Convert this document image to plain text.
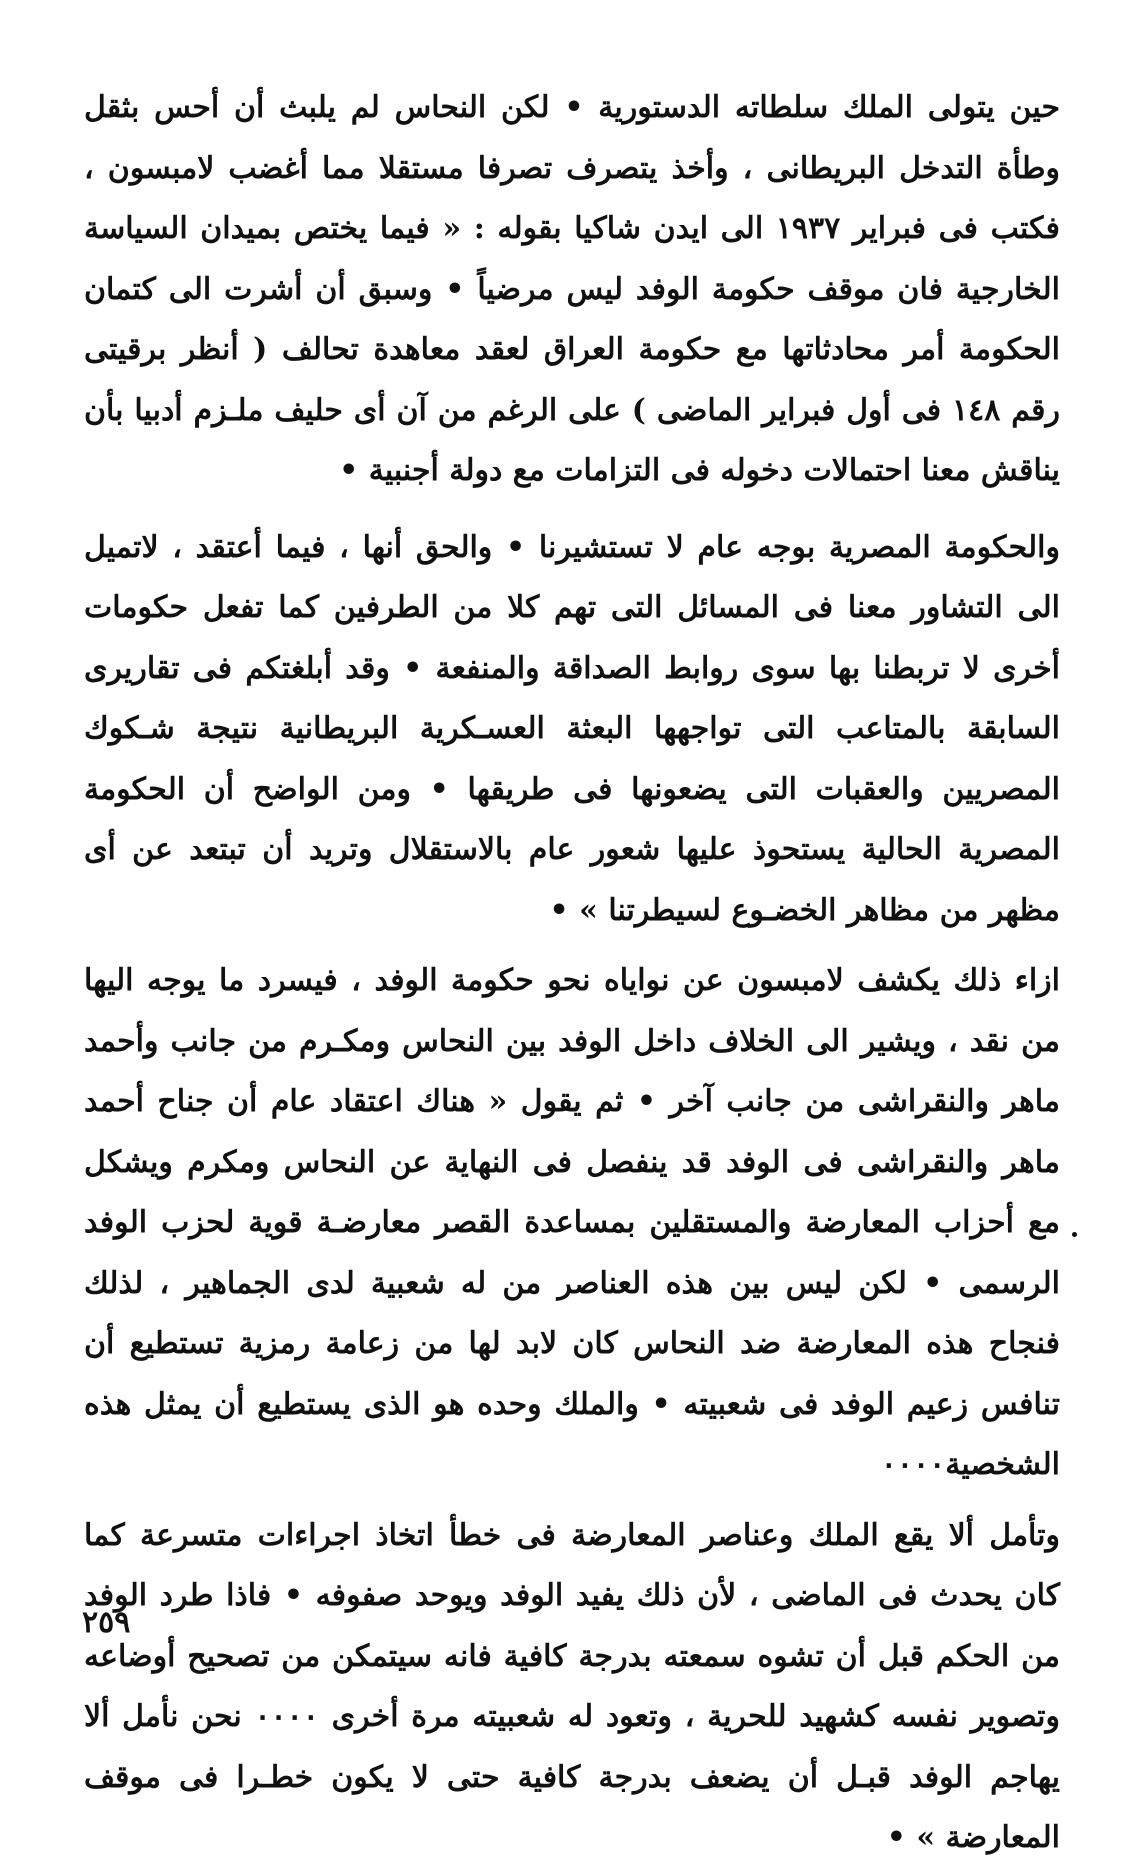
حين يتولى الملك سلطاته الدستورية • لكن النحاس لم يلبث أن أحس بثقل وطأة التدخل البريطانى ، وأخذ يتصرف تصرفا مستقلا مما أغضب لامبسون ، فكتب فى فبراير ١٩٣٧ الى ايدن شاكيا بقوله : « فيما يختص بميدان السياسة الخارجية فان موقف حكومة الوفد ليس مرضياً • وسبق أن أشرت الى كتمان الحكومة أمر محادثاتها مع حكومة العراق لعقد معاهدة تحالف ( أنظر برقيتى رقم ١٤٨ فى أول فبراير الماضى ) على الرغم من آن أى حليف ملـزم أدبيا بأن يناقش معنا احتمالات دخوله فى التزامات مع دولة أجنبية •

والحكومة المصرية بوجه عام لا تستشيرنا • والحق أنها ، فيما أعتقد ، لاتميل الى التشاور معنا فى المسائل التى تهم كلا من الطرفين كما تفعل حكومات أخرى لا تربطنا بها سوى روابط الصداقة والمنفعة • وقد أبلغتكم فى تقاريرى السابقة بالمتاعب التى تواجهها البعثة العسـكرية البريطانية نتيجة شـكوك المصريين والعقبات التى يضعونها فى طريقها • ومن الواضح أن الحكومة المصرية الحالية يستحوذ عليها شعور عام بالاستقلال وتريد أن تبتعد عن أى مظهر من مظاهر الخضـوع لسيطرتنا » •

ازاء ذلك يكشف لامبسون عن نواياه نحو حكومة الوفد ، فيسرد ما يوجه اليها من نقد ، ويشير الى الخلاف داخل الوفد بين النحاس ومكـرم من جانب وأحمد ماهر والنقراشى من جانب آخر • ثم يقول « هناك اعتقاد عام أن جناح أحمد ماهر والنقراشى فى الوفد قد ينفصل فى النهاية عن النحاس ومكرم ويشكل مع أحزاب المعارضة والمستقلين بمساعدة القصر معارضـة قوية لحزب الوفد الرسمى • لكن ليس بين هذه العناصر من له شعبية لدى الجماهير ، لذلك فنجاح هذه المعارضة ضد النحاس كان لابد لها من زعامة رمزية تستطيع أن تنافس زعيم الوفد فى شعبيته • والملك وحده هو الذى يستطيع أن يمثل هذه الشخصية٠٠٠٠

وتأمل ألا يقع الملك وعناصر المعارضة فى خطأ اتخاذ اجراءات متسرعة كما كان يحدث فى الماضى ، لأن ذلك يفيد الوفد ويوحد صفوفه • فاذا طرد الوفد من الحكم قبل أن تشوه سمعته بدرجة كافية فانه سيتمكن من تصحيح أوضاعه وتصوير نفسه كشهيد للحرية ، وتعود له شعبيته مرة أخرى ٠٠٠٠ نحن نأمل ألا يهاجم الوفد قبـل أن يضعف بدرجة كافية حتى لا يكون خطـرا فى موقف المعارضة » •

٢٥٩
